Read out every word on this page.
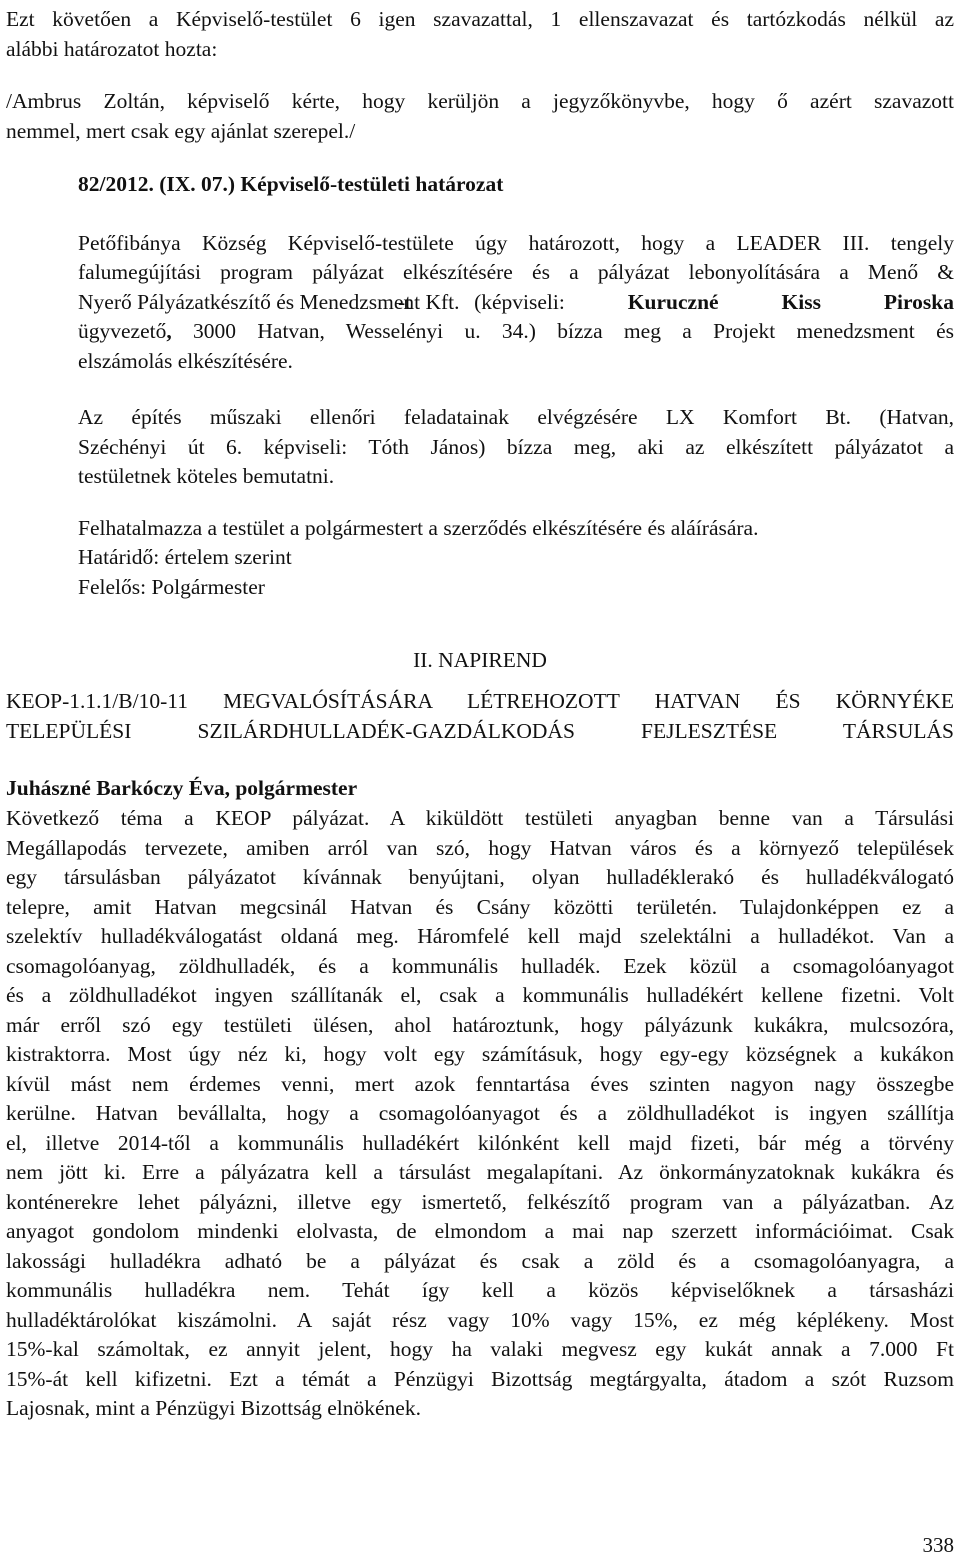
Ezt követően a Képviselő-testület 6 igen szavazattal, 1 ellenszavazat és tartózkodás nélkül az

alábbi határozatot hozta:

/Ambrus Zoltán, képviselő kérte, hogy kerüljön a jegyzőkönyvbe, hogy ő azért szavazott

nemmel, mert csak egy ajánlat szerepel./

82/2012. (IX. 07.) Képviselő-testületi határozat

Petőfibánya Község Képviselő-testülete úgy határozott, hogy a LEADER III. tengely

falumegújítási program pályázat elkészítésére és a pályázat lebonyolítására a Menő &

Nyerő Pályázatkészítő és Menedzsment Kft.

-t (képviseli: Kuruczné Kiss Piroska

ügyvezető, 3000 Hatvan, Wesselényi u. 34.) bízza meg a Projekt menedzsment és

elszámolás elkészítésére.

Az építés műszaki ellenőri feladatainak elvégzésére LX Komfort Bt. (Hatvan,

Széchényi út 6. képviseli: Tóth János) bízza meg, aki az elkészített pályázatot a

testületnek köteles bemutatni.

Felhatalmazza a testület a polgármestert a szerződés elkészítésére és aláírására.

Határidő: értelem szerint

Felelős: Polgármester

II. NAPIREND

KEOP-1.1.1/B/10-11 MEGVALÓSÍTÁSÁRA LÉTREHOZOTT HATVAN ÉS KÖRNYÉKE

TELEPÜLÉSI SZILÁRDHULLADÉK-GAZDÁLKODÁS FEJLESZTÉSE TÁRSULÁS

Juhászné Barkóczy Éva, polgármester

Következő téma a KEOP pályázat. A kiküldött testületi anyagban benne van a Társulási

Megállapodás tervezete, amiben arról van szó, hogy Hatvan város és a környező települések

egy társulásban pályázatot kívánnak benyújtani, olyan hulladéklerakó és hulladékválogató

telepre, amit Hatvan megcsinál Hatvan és Csány közötti területén. Tulajdonképpen ez a

szelektív hulladékválogatást oldaná meg. Háromfelé kell majd szelektálni a hulladékot. Van a

csomagolóanyag, zöldhulladék, és a kommunális hulladék. Ezek közül a csomagolóanyagot

és a zöldhulladékot ingyen szállítanák el, csak a kommunális hulladékért kellene fizetni. Volt

már erről szó egy testületi ülésen, ahol határoztunk, hogy pályázunk kukákra, mulcsozóra,

kistraktorra. Most úgy néz ki, hogy volt egy számításuk, hogy egy-egy községnek a kukákon

kívül mást nem érdemes venni, mert azok fenntartása éves szinten nagyon nagy összegbe

kerülne. Hatvan bevállalta, hogy a csomagolóanyagot és a zöldhulladékot is ingyen szállítja

el, illetve 2014-től a kommunális hulladékért kilónként kell majd fizeti, bár még a törvény

nem jött ki. Erre a pályázatra kell a társulást megalapítani. Az önkormányzatoknak kukákra és

konténerekre lehet pályázni, illetve egy ismertető, felkészítő program van a pályázatban. Az

anyagot gondolom mindenki elolvasta, de elmondom a mai nap szerzett információimat. Csak

lakossági hulladékra adható be a pályázat és csak a zöld és a csomagolóanyagra, a

kommunális hulladékra nem. Tehát így kell a közös képviselőknek a társasházi

hulladéktárolókat kiszámolni. A saját rész vagy 10% vagy 15%, ez még képlékeny. Most

15%-kal számoltak, ez annyit jelent, hogy ha valaki megvesz egy kukát annak a 7.000 Ft

15%-át kell kifizetni. Ezt a témát a Pénzügyi Bizottság megtárgyalta, átadom a szót Ruzsom

Lajosnak, mint a Pénzügyi Bizottság elnökének.

338
